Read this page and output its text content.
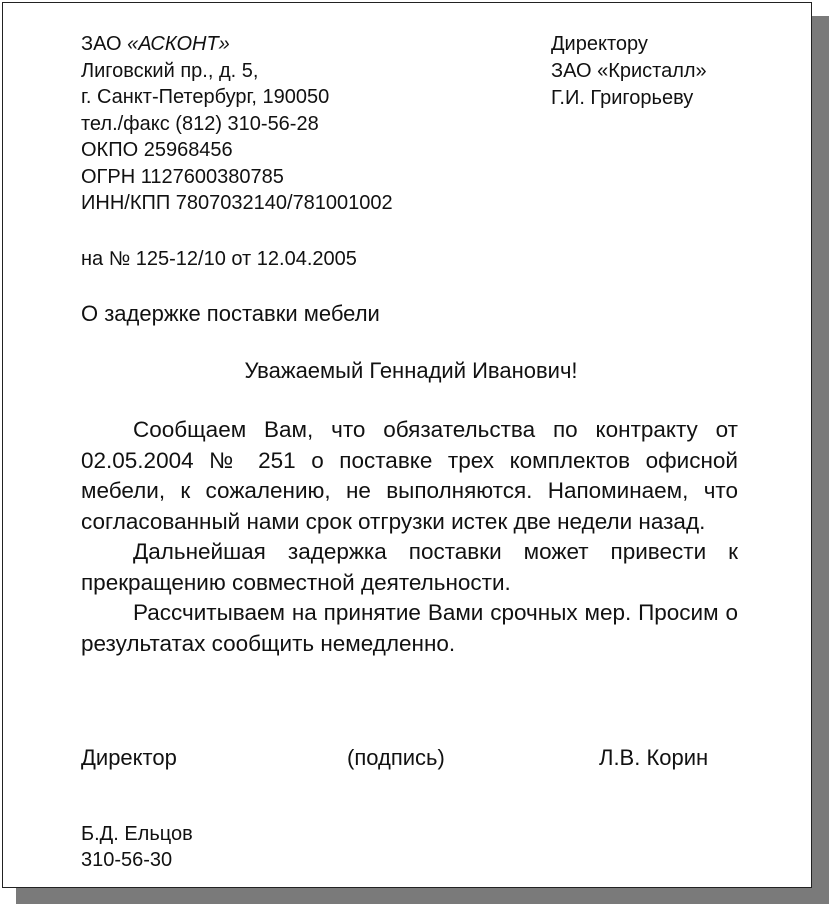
ЗАО «АСКОНТ»
Лиговский пр., д. 5,
г. Санкт-Петербург, 190050
тел./факс (812) 310-56-28
ОКПО 25968456
ОГРН 1127600380785
ИНН/КПП 7807032140/781001002
Директору
ЗАО «Кристалл»
Г.И. Григорьеву
на № 125-12/10 от 12.04.2005
О задержке поставки мебели
Уважаемый Геннадий Иванович!

Сообщаем Вам, что обязательства по контракту от 02.05.2004 № 251 о поставке трех комплектов офисной мебели, к сожалению, не выполняются. Напоминаем, что согласованный нами срок отгрузки истек две недели назад.

Дальнейшая задержка поставки может привести к прекращению совместной деятельности.

Рассчитываем на принятие Вами срочных мер. Просим о результатах сообщить немедленно.

Директор	(подпись)	Л.В. Корин
Б.Д. Ельцов
310-56-30
